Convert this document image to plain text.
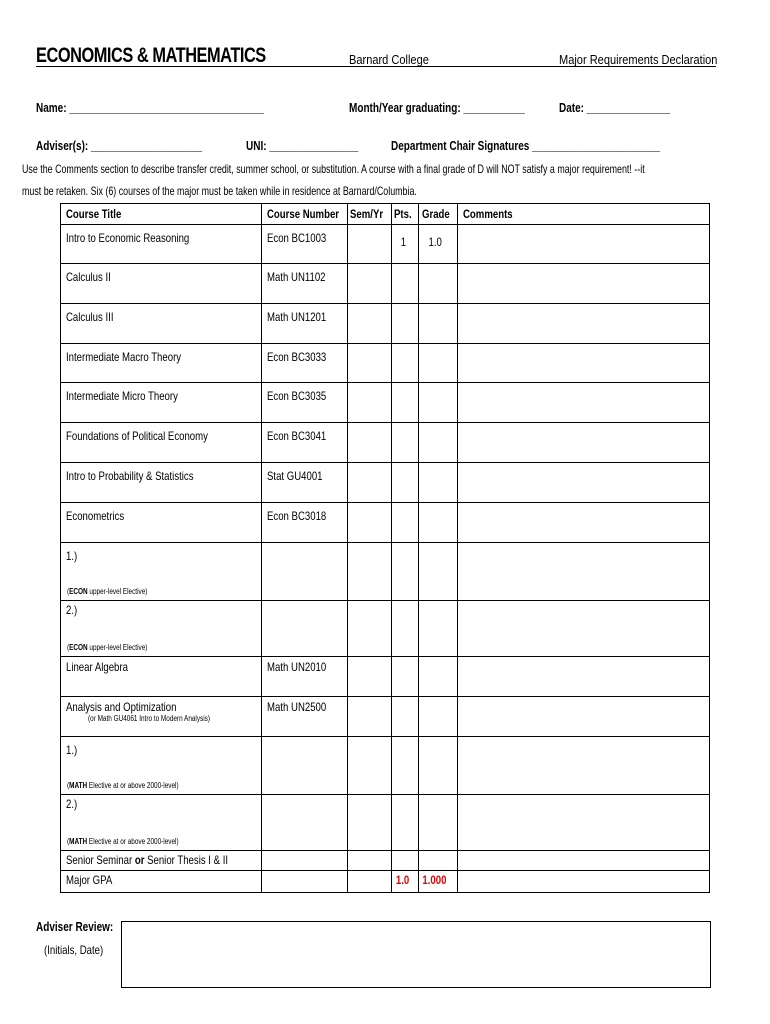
ECONOMICS & MATHEMATICS	Barnard College	Major Requirements Declaration
Name: ___________________________________	Month/Year graduating: ___________	Date: _______________
Adviser(s): ____________________	UNI: ________________	Department Chair Signatures _______________________
Use the Comments section to describe transfer credit, summer school, or substitution. A course with a final grade of D will NOT satisfy a major requirement! --it
must be retaken. Six (6) courses of the major must be taken while in residence at Barnard/Columbia.
Course Title	Course Number	Sem/Yr	Pts.	Grade	Comments

Intro to Economic Reasoning	Econ BC1003		1	1.0	

Calculus II	Math UN1102				

Calculus III	Math UN1201				

Intermediate Macro Theory	Econ BC3033				

Intermediate Micro Theory	Econ BC3035				

Foundations of Political Economy	Econ BC3041				

Intro to Probability & Statistics	Stat GU4001				

Econometrics	Econ BC3018				

1.)
(ECON upper-level Elective)					

2.)
(ECON upper-level Elective)					

Linear Algebra	Math UN2010				

Analysis and Optimization
(or Math GU4061 Intro to Modern Analysis)	Math UN2500				

1.)
(MATH Elective at or above 2000-level)					

2.)
(MATH Elective at or above 2000-level)					

Senior Seminar or Senior Thesis I & II					

Major GPA			1.0	1.000	

Adviser Review:
(Initials, Date)
